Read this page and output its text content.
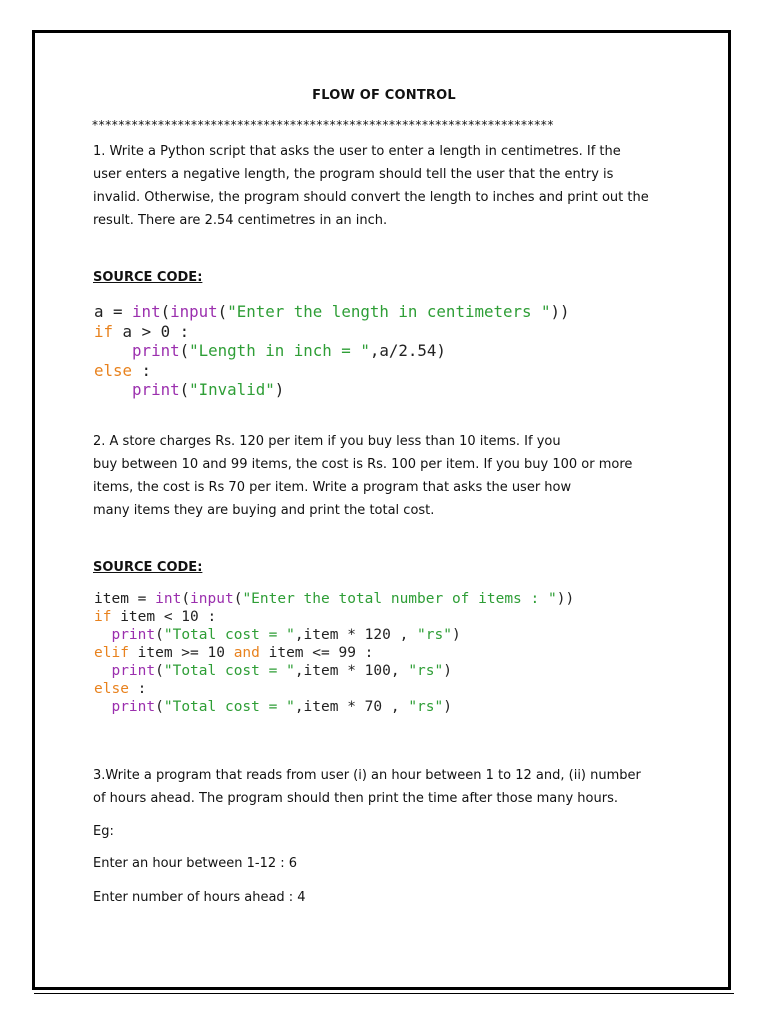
FLOW OF CONTROL
**********************************************************************
1. Write a Python script that asks the user to enter a length in centimetres. If the
user enters a negative length, the program should tell the user that the entry is
invalid. Otherwise, the program should convert the length to inches and print out the
result. There are 2.54 centimetres in an inch.
SOURCE CODE:
a = int(input("Enter the length in centimeters "))
if a > 0 :
print("Length in inch = ",a/2.54)
else :
print("Invalid")
2. A store charges Rs. 120 per item if you buy less than 10 items. If you
buy between 10 and 99 items, the cost is Rs. 100 per item. If you buy 100 or more
items, the cost is Rs 70 per item. Write a program that asks the user how
many items they are buying and print the total cost.
SOURCE CODE:
item = int(input("Enter the total number of items : "))
if item < 10 :
print("Total cost = ",item * 120 , "rs")
elif item >= 10 and item <= 99 :
print("Total cost = ",item * 100, "rs")
else :
print("Total cost = ",item * 70 , "rs")
3.Write a program that reads from user (i) an hour between 1 to 12 and, (ii) number
of hours ahead. The program should then print the time after those many hours.
Eg:
Enter an hour between 1-12 : 6
Enter number of hours ahead : 4
